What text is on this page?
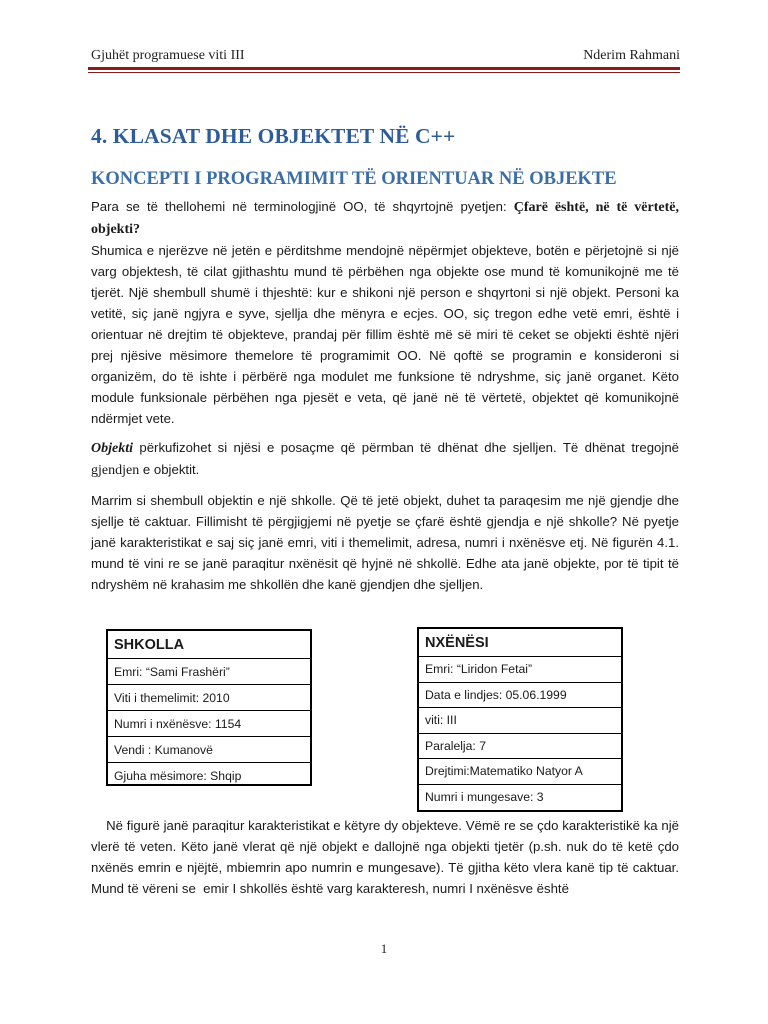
Gjuhët programuese viti III	Nderim Rahmani
4. KLASAT DHE OBJEKTET NË C++
KONCEPTI I PROGRAMIMIT TË ORIENTUAR NË OBJEKTE
Para se të thellohemi në terminologjinë OO, të shqyrtojnë pyetjen: Çfarë është, në të vërtetë, objekti?
Shumica e njerëzve në jetën e përditshme mendojnë nëpërmjet objekteve, botën e përjetojnë si një varg objektesh, të cilat gjithashtu mund të përbëhen nga objekte ose mund të komunikojnë me të tjerët. Një shembull shumë i thjeshtë: kur e shikoni një person e shqyrtoni si një objekt. Personi ka vetitë, siç janë ngjyra e syve, sjellja dhe mënyra e ecjes. OO, siç tregon edhe vetë emri, është i orientuar në drejtim të objekteve, prandaj për fillim është më së miri të ceket se objekti është njëri prej njësive mësimore themelore të programimit OO. Në qoftë se programin e konsideroni si organizëm, do të ishte i përbërë nga modulet me funksione të ndryshme, siç janë organet. Këto module funksionale përbëhen nga pjesët e veta, që janë në të vërtetë, objektet që komunikojnë ndërmjet vete.
Objekti përkufizohet si njësi e posaçme që përmban të dhënat dhe sjelljen. Të dhënat tregojnë gjendjen e objektit.
Marrim si shembull objektin e një shkolle. Që të jetë objekt, duhet ta paraqesim me një gjendje dhe sjellje të caktuar. Fillimisht të përgjigjemi në pyetje se çfarë është gjendja e një shkolle? Në pyetje janë karakteristikat e saj siç janë emri, viti i themelimit, adresa, numri i nxënësve etj. Në figurën 4.1. mund të vini re se janë paraqitur nxënësit që hyjnë në shkollë. Edhe ata janë objekte, por të tipit të ndryshëm në krahasim me shkollën dhe kanë gjendjen dhe sjelljen.
SHKOLLA
Emri: “Sami Frashëri”
Viti i themelimit: 2010
Numri i nxënësve: 1154
Vendi : Kumanovë
Gjuha mësimore: Shqip
NXËNËSI
Emri: “Liridon Fetai”
Data e lindjes: 05.06.1999
viti: III
Paralelja: 7
Drejtimi:Matematiko Natyor A
Numri i mungesave: 3
Në figurë janë paraqitur karakteristikat e këtyre dy objekteve. Vëmë re se çdo karakteristikë ka një vlerë të veten. Këto janë vlerat që një objekt e dallojnë nga objekti tjetër (p.sh. nuk do të ketë çdo nxënës emrin e njëjtë, mbiemrin apo numrin e mungesave). Të gjitha këto vlera kanë tip të caktuar. Mund të vëreni se  emir I shkollës është varg karakteresh, numri I nxënësve është
1
